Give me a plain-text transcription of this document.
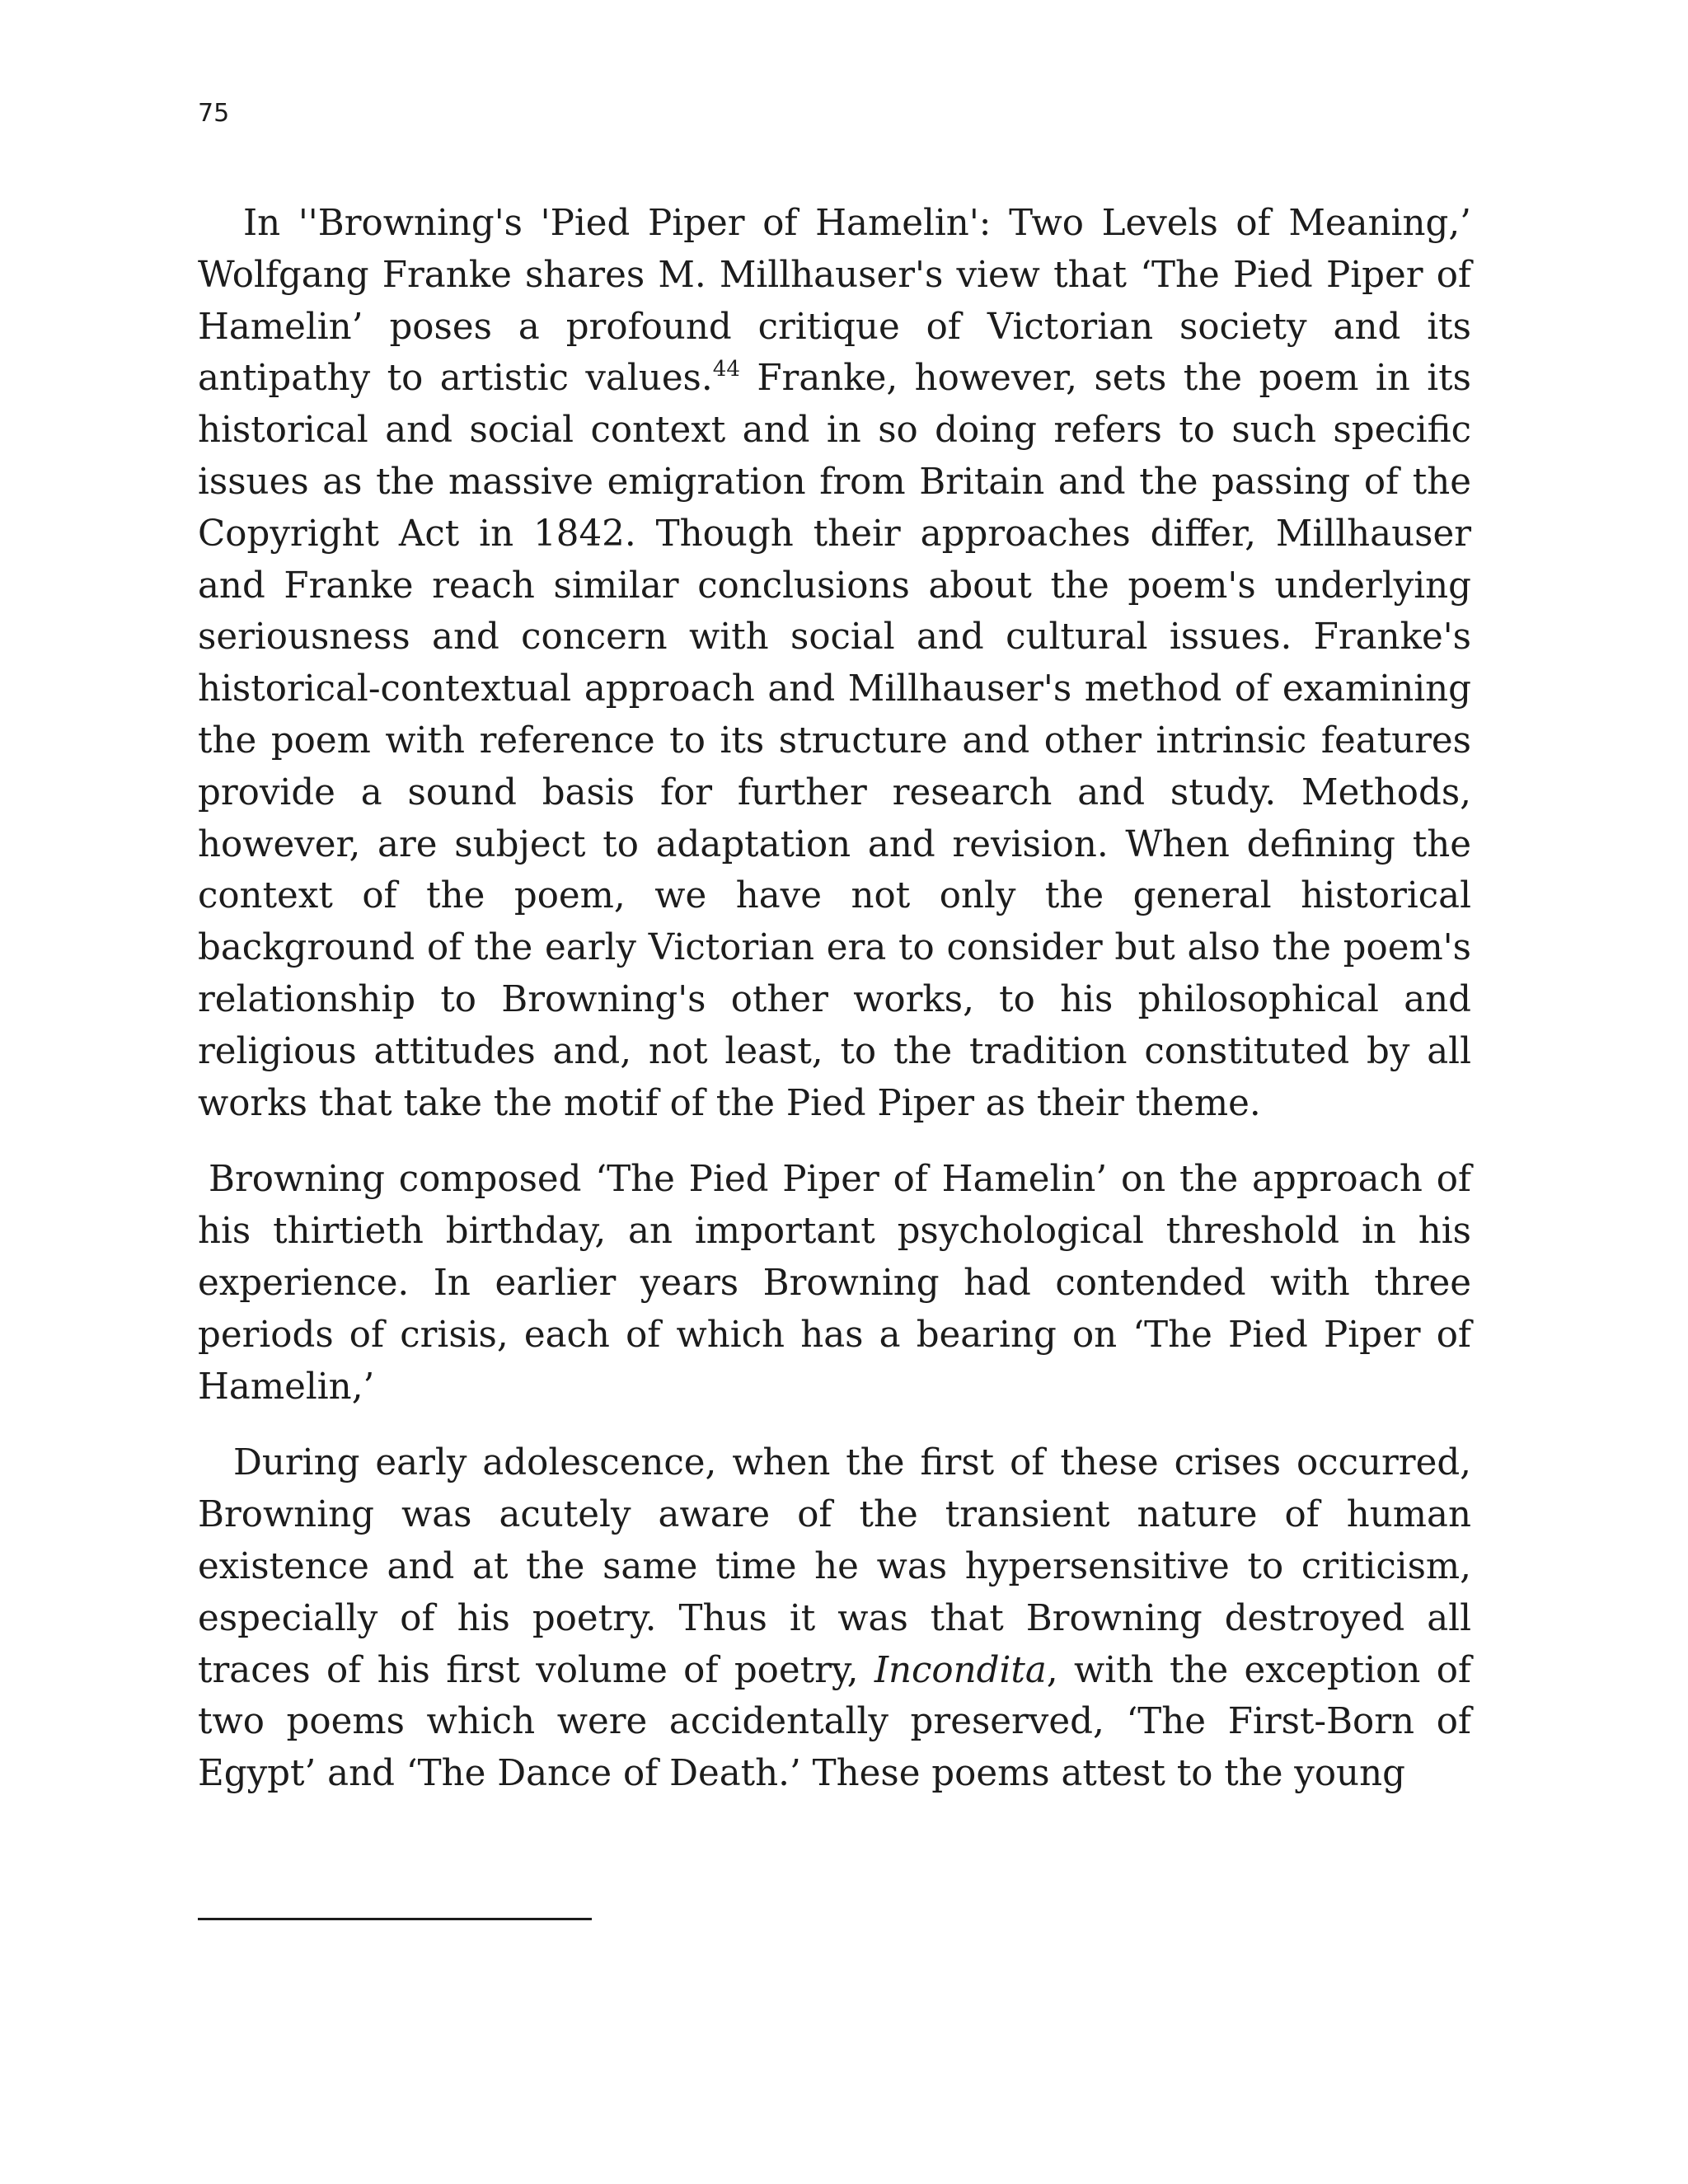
75

In ''Browning's 'Pied Piper of Hamelin': Two Levels of Meaning,’ Wolfgang Franke shares M. Millhauser's view that ‘The Pied Piper of Hamelin’ poses a profound critique of Victorian society and its antipathy to artistic values.$^{44}$ Franke, however, sets the poem in its historical and social context and in so doing refers to such specific issues as the massive emigration from Britain and the passing of the Copyright Act in 1842. Though their approaches differ, Millhauser and Franke reach similar conclusions about the poem's underlying seriousness and concern with social and cultural issues. Franke's historical-contextual approach and Millhauser's method of examining the poem with reference to its structure and other intrinsic features provide a sound basis for further research and study. Methods, however, are subject to adaptation and revision. When defining the context of the poem, we have not only the general historical background of the early Victorian era to consider but also the poem's relationship to Browning's other works, to his philosophical and religious attitudes and, not least, to the tradition constituted by all works that take the motif of the Pied Piper as their theme.

Browning composed ‘The Pied Piper of Hamelin’ on the approach of his thirtieth birthday, an important psychological threshold in his experience. In earlier years Browning had contended with three periods of crisis, each of which has a bearing on ‘The Pied Piper of Hamelin,’

During early adolescence, when the first of these crises occurred, Browning was acutely aware of the transient nature of human existence and at the same time he was hypersensitive to criticism, especially of his poetry. Thus it was that Browning destroyed all traces of his first volume of poetry, Incondita, with the exception of two poems which were accidentally preserved, ‘The First-Born of Egypt’ and ‘The Dance of Death.’ These poems attest to the young
